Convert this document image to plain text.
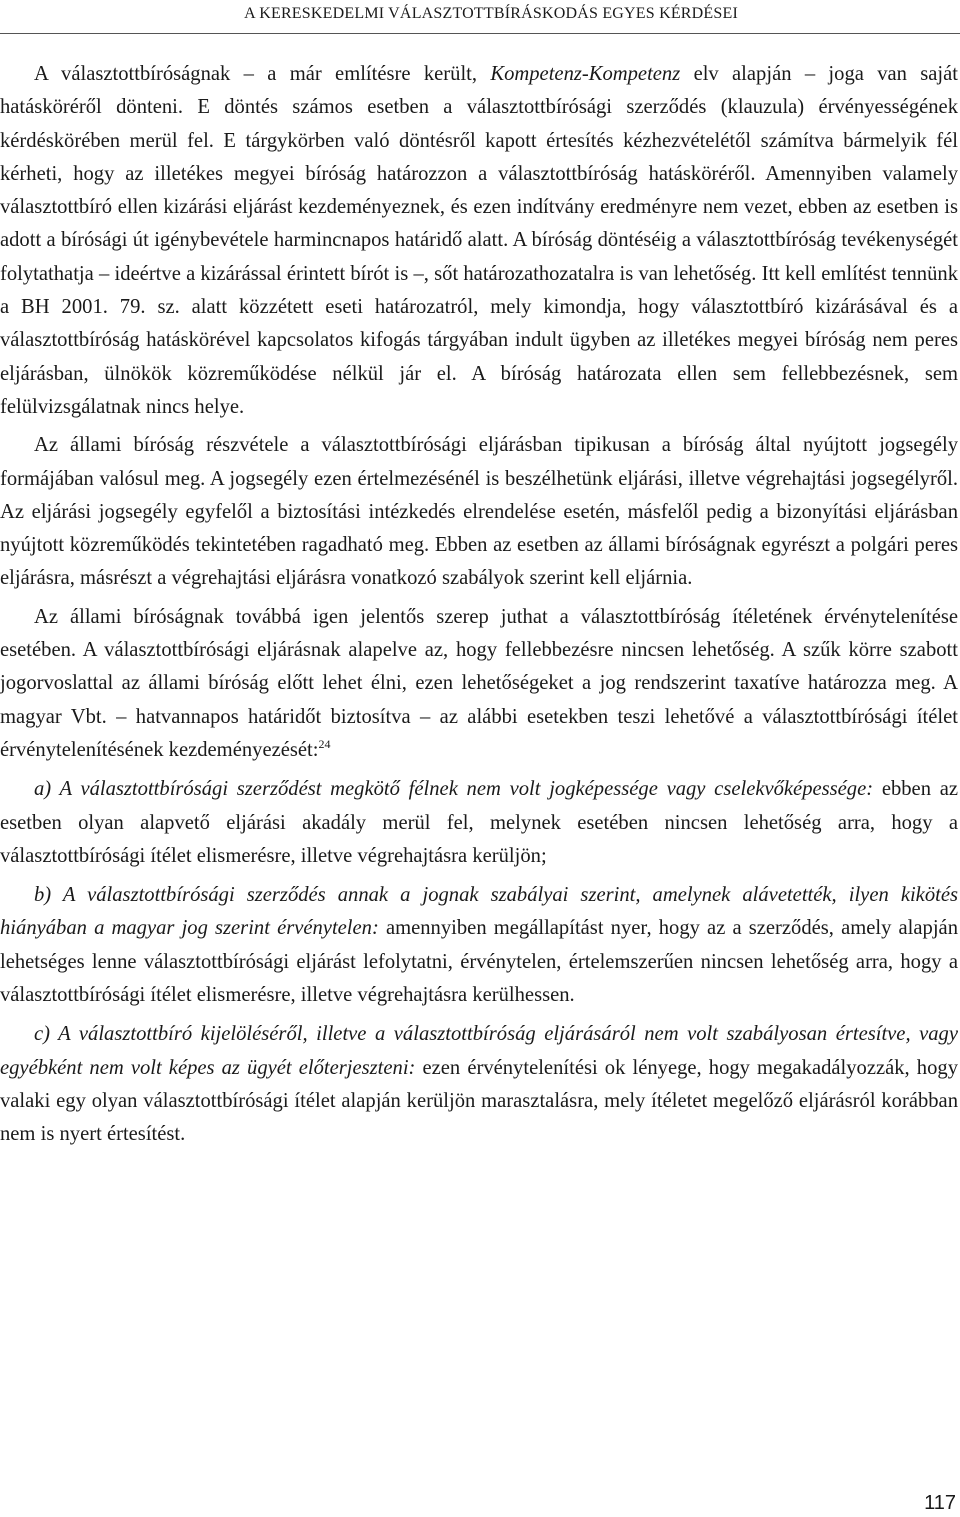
A KERESKEDELMI VÁLASZTOTTBÍRÁSKODÁS EGYES KÉRDÉSEI

A választottbíróságnak – a már említésre került, Kompetenz-Kompetenz elv alapján – joga van saját hatásköréről dönteni. E döntés számos esetben a választottbírósági szerződés (klauzula) érvényességének kérdéskörében merül fel. E tárgykörben való döntésről kapott értesítés kézhezvételétől számítva bármelyik fél kérheti, hogy az illetékes megyei bíróság határozzon a választottbíróság hatásköréről. Amennyiben valamely választottbíró ellen kizárási eljárást kezdeményeznek, és ezen indítvány eredményre nem vezet, ebben az esetben is adott a bírósági út igénybevétele harmincnapos határidő alatt. A bíróság döntéséig a választottbíróság tevékenységét folytathatja – ideértve a kizárással érintett bírót is –, sőt határozathozatalra is van lehetőség. Itt kell említést tennünk a BH 2001. 79. sz. alatt közzétett eseti határozatról, mely kimondja, hogy választottbíró kizárásával és a választottbíróság hatáskörével kapcsolatos kifogás tárgyában indult ügyben az illetékes megyei bíróság nem peres eljárásban, ülnökök közreműködése nélkül jár el. A bíróság határozata ellen sem fellebbezésnek, sem felülvizsgálatnak nincs helye.

Az állami bíróság részvétele a választottbírósági eljárásban tipikusan a bíróság által nyújtott jogsegély formájában valósul meg. A jogsegély ezen értelmezésénél is beszélhetünk eljárási, illetve végrehajtási jogsegélyről. Az eljárási jogsegély egyfelől a biztosítási intézkedés elrendelése esetén, másfelől pedig a bizonyítási eljárásban nyújtott közreműködés tekintetében ragadható meg. Ebben az esetben az állami bíróságnak egyrészt a polgári peres eljárásra, másrészt a végrehajtási eljárásra vonatkozó szabályok szerint kell eljárnia.

Az állami bíróságnak továbbá igen jelentős szerep juthat a választottbíróság ítéletének érvénytelenítése esetében. A választottbírósági eljárásnak alapelve az, hogy fellebbezésre nincsen lehetőség. A szűk körre szabott jogorvoslattal az állami bíróság előtt lehet élni, ezen lehetőségeket a jog rendszerint taxatíve határozza meg. A magyar Vbt. – hatvannapos határidőt biztosítva – az alábbi esetekben teszi lehetővé a választottbírósági ítélet érvénytelenítésének kezdeményezését:$^{24}$

a) A választottbírósági szerződést megkötő félnek nem volt jogképessége vagy cselekvőképessége: ebben az esetben olyan alapvető eljárási akadály merül fel, melynek esetében nincsen lehetőség arra, hogy a választottbírósági ítélet elismerésre, illetve végrehajtásra kerüljön;

b) A választottbírósági szerződés annak a jognak szabályai szerint, amelynek alávetették, ilyen kikötés hiányában a magyar jog szerint érvénytelen: amennyiben megállapítást nyer, hogy az a szerződés, amely alapján lehetséges lenne választottbírósági eljárást lefolytatni, érvénytelen, értelemszerűen nincsen lehetőség arra, hogy a választottbírósági ítélet elismerésre, illetve végrehajtásra kerülhessen.

c) A választottbíró kijelöléséről, illetve a választottbíróság eljárásáról nem volt szabályosan értesítve, vagy egyébként nem volt képes az ügyét előterjeszteni: ezen érvénytelenítési ok lényege, hogy megakadályozzák, hogy valaki egy olyan választottbírósági ítélet alapján kerüljön marasztalásra, mely ítéletet megelőző eljárásról korábban nem is nyert értesítést.

117
